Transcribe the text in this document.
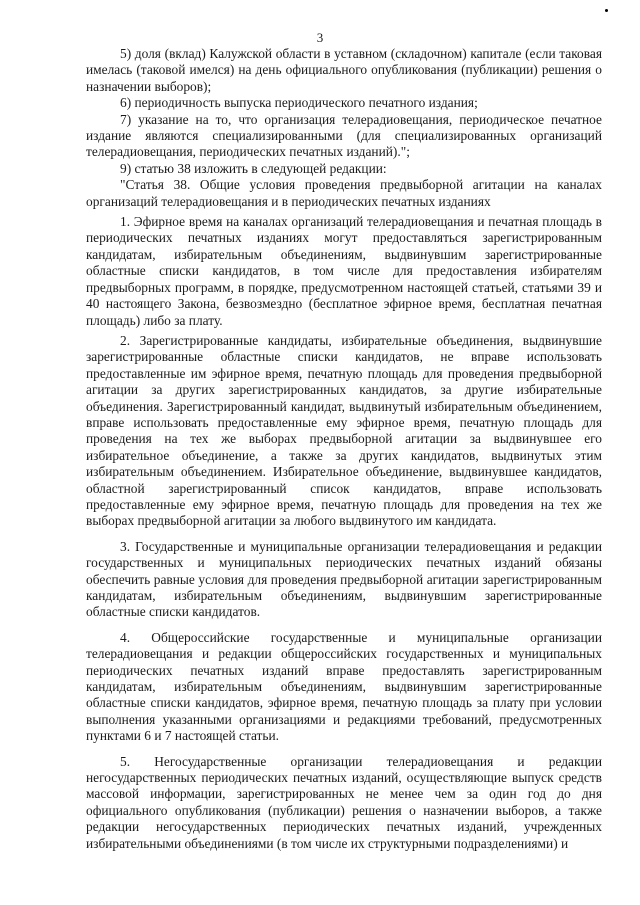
3

5) доля (вклад) Калужской области в уставном (складочном) капитале (если таковая имелась (таковой имелся) на день официального опубликования (публикации) решения о назначении выборов);

6) периодичность выпуска периодического печатного издания;

7) указание на то, что организация телерадиовещания, периодическое печатное издание являются специализированными (для специализированных организаций телерадиовещания, периодических печатных изданий).";

9) статью 38 изложить в следующей редакции:

"Статья 38. Общие условия проведения предвыборной агитации на каналах организаций телерадиовещания и в периодических печатных изданиях

1. Эфирное время на каналах организаций телерадиовещания и печатная площадь в периодических печатных изданиях могут предоставляться зарегистрированным кандидатам, избирательным объединениям, выдвинувшим зарегистрированные областные списки кандидатов, в том числе для предоставления избирателям предвыборных программ, в порядке, предусмотренном настоящей статьей, статьями 39 и 40 настоящего Закона, безвозмездно (бесплатное эфирное время, бесплатная печатная площадь) либо за плату.

2. Зарегистрированные кандидаты, избирательные объединения, выдвинувшие зарегистрированные областные списки кандидатов, не вправе использовать предоставленные им эфирное время, печатную площадь для проведения предвыборной агитации за других зарегистрированных кандидатов, за другие избирательные объединения. Зарегистрированный кандидат, выдвинутый избирательным объединением, вправе использовать предоставленные ему эфирное время, печатную площадь для проведения на тех же выборах предвыборной агитации за выдвинувшее его избирательное объединение, а также за других кандидатов, выдвинутых этим избирательным объединением. Избирательное объединение, выдвинувшее кандидатов, областной зарегистрированный список кандидатов, вправе использовать предоставленные ему эфирное время, печатную площадь для проведения на тех же выборах предвыборной агитации за любого выдвинутого им кандидата.

3. Государственные и муниципальные организации телерадиовещания и редакции государственных и муниципальных периодических печатных изданий обязаны обеспечить равные условия для проведения предвыборной агитации зарегистрированным кандидатам, избирательным объединениям, выдвинувшим зарегистрированные областные списки кандидатов.

4. Общероссийские государственные и муниципальные организации телерадиовещания и редакции общероссийских государственных и муниципальных периодических печатных изданий вправе предоставлять зарегистрированным кандидатам, избирательным объединениям, выдвинувшим зарегистрированные областные списки кандидатов, эфирное время, печатную площадь за плату при условии выполнения указанными организациями и редакциями требований, предусмотренных пунктами 6 и 7 настоящей статьи.

5. Негосударственные организации телерадиовещания и редакции негосударственных периодических печатных изданий, осуществляющие выпуск средств массовой информации, зарегистрированных не менее чем за один год до дня официального опубликования (публикации) решения о назначении выборов, а также редакции негосударственных периодических печатных изданий, учрежденных избирательными объединениями (в том числе их структурными подразделениями) и
